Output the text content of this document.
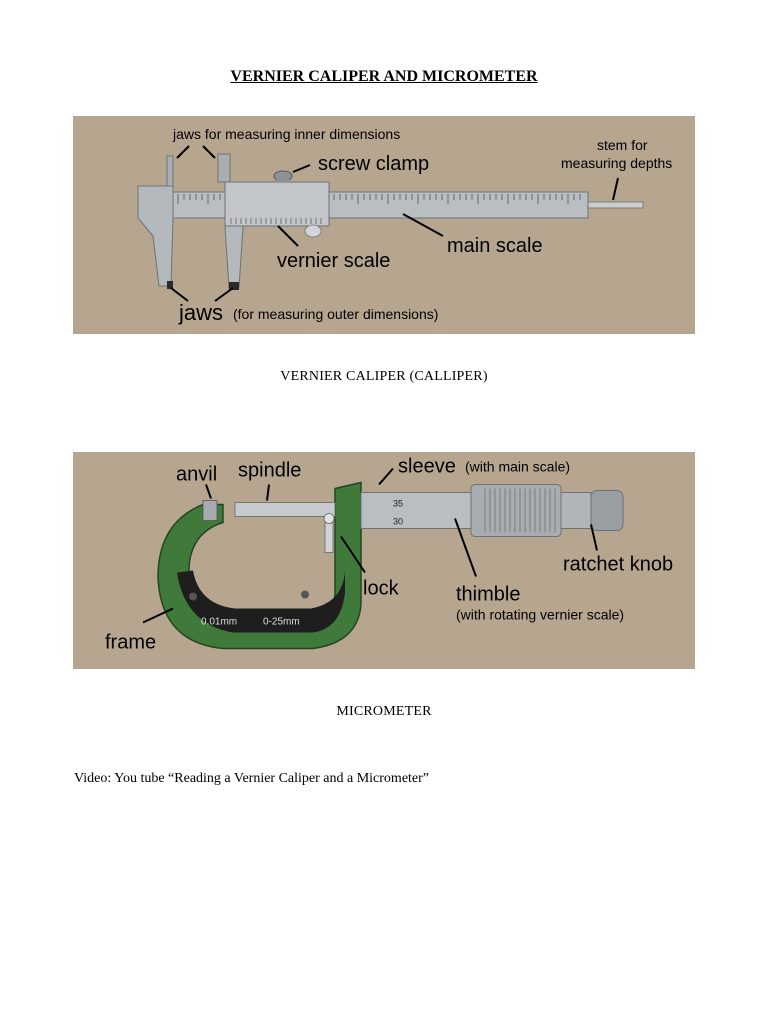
VERNIER CALIPER AND MICROMETER
jaws for measuring inner dimensions
screw clamp
stem for
measuring depths
main scale
vernier scale
jaws (for measuring outer dimensions)
VERNIER CALIPER (CALLIPER)
35
30
0.01mm	0-25mm
anvil spindle	sleeve (with main scale)
lock
ratchet knob
thimble
(with rotating vernier scale)
frame
MICROMETER
Video: You tube “Reading a Vernier Caliper and a Micrometer”
